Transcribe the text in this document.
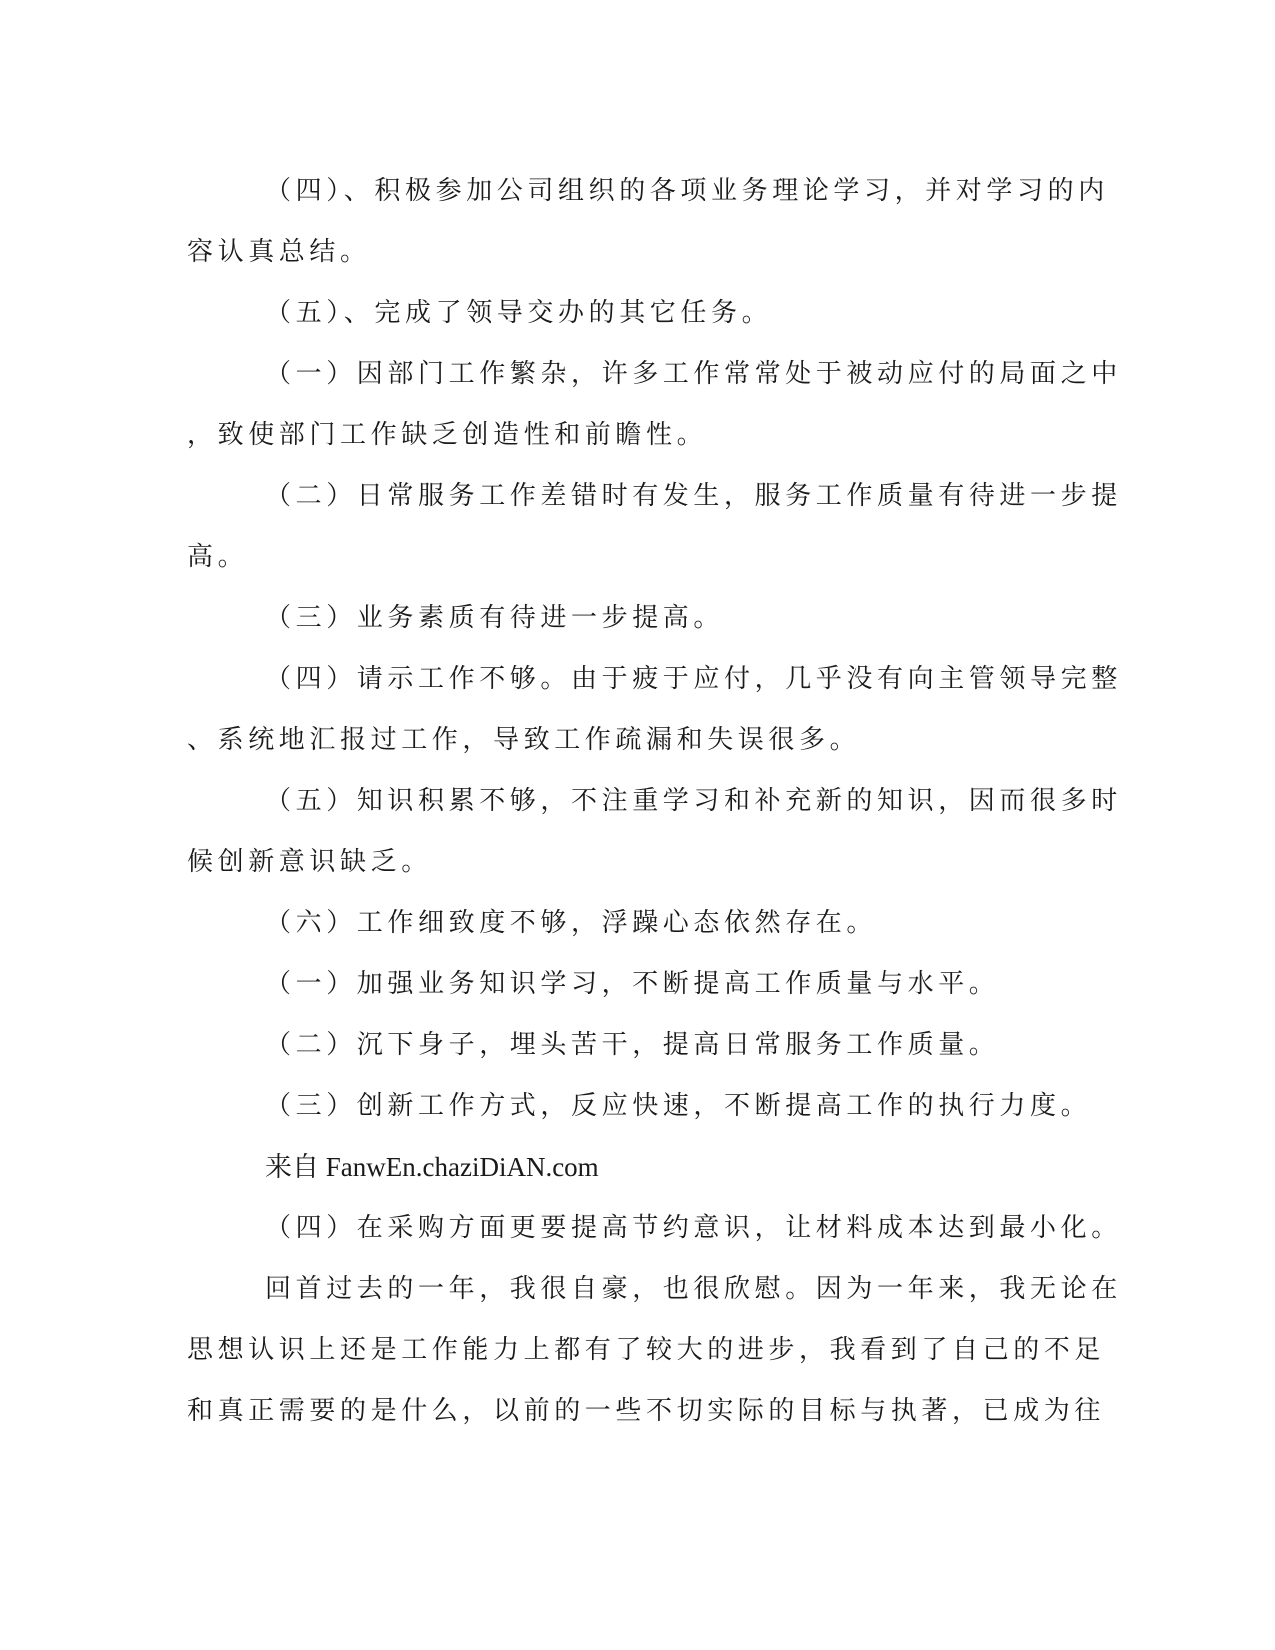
（四）、积极参加公司组织的各项业务理论学习，并对学习的内
容认真总结。
（五）、完成了领导交办的其它任务。
（一）因部门工作繁杂，许多工作常常处于被动应付的局面之中
，致使部门工作缺乏创造性和前瞻性。
（二）日常服务工作差错时有发生，服务工作质量有待进一步提
高。
（三）业务素质有待进一步提高。
（四）请示工作不够。由于疲于应付，几乎没有向主管领导完整
、系统地汇报过工作，导致工作疏漏和失误很多。
（五）知识积累不够，不注重学习和补充新的知识，因而很多时
候创新意识缺乏。
（六）工作细致度不够，浮躁心态依然存在。
（一）加强业务知识学习，不断提高工作质量与水平。
（二）沉下身子，埋头苦干，提高日常服务工作质量。
（三）创新工作方式，反应快速，不断提高工作的执行力度。
来自 FanwEn.chaziDiAN.com
（四）在采购方面更要提高节约意识，让材料成本达到最小化。
回首过去的一年，我很自豪，也很欣慰。因为一年来，我无论在
思想认识上还是工作能力上都有了较大的进步，我看到了自己的不足
和真正需要的是什么，以前的一些不切实际的目标与执著，已成为往
